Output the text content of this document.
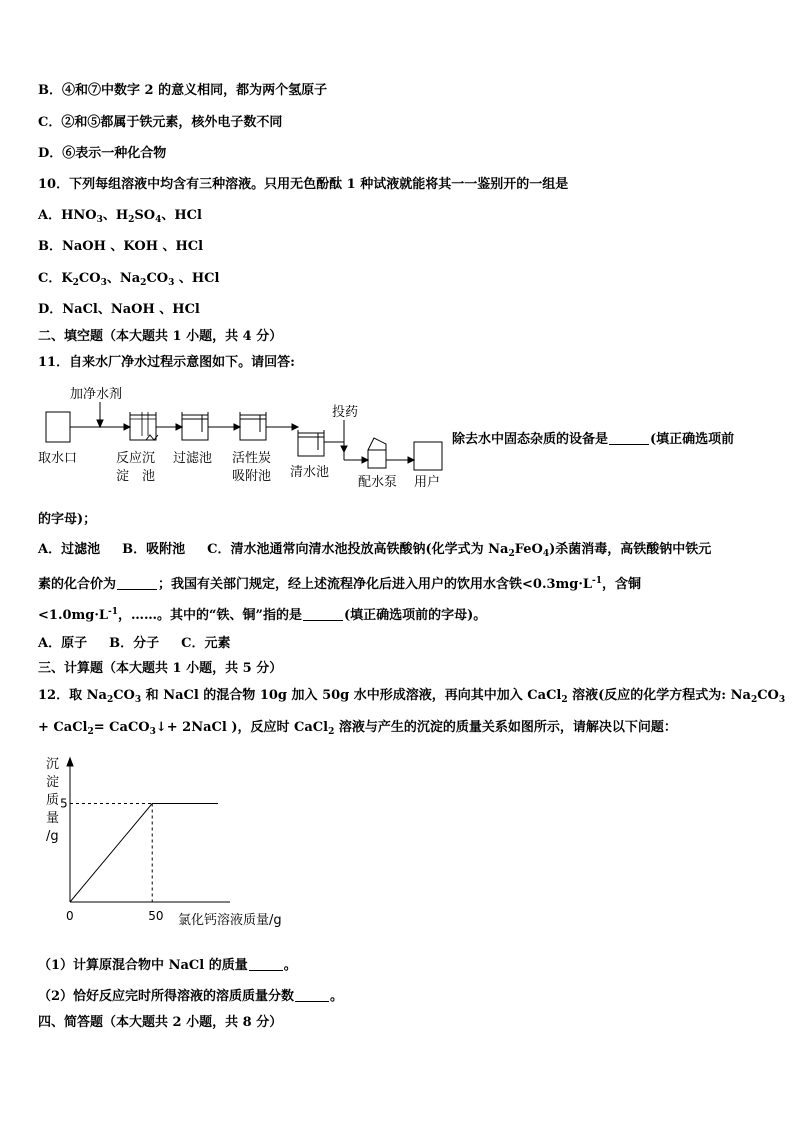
B．④和⑦中数字 2 的意义相同，都为两个氢原子
C．②和⑤都属于铁元素，核外电子数不同
D．⑥表示一种化合物
10．下列每组溶液中均含有三种溶液。只用无色酚酞 1 种试液就能将其一一鉴别开的一组是
A．$HNO_3$、$H_2SO_4$、HCl
B．NaOH 、KOH 、HCl
C．$K_2CO_3$、$Na_2CO_3$ 、HCl
D．NaCl、NaOH 、HCl
二、填空题（本大题共 1 小题，共 4 分）
11．自来水厂净水过程示意图如下。请回答:
加净水剂
投药
取水口	反应沉
淀　池
过滤池 活性炭
吸附池 清水池
配水泵 用户
除去水中固态杂质的设备是	(填正确选项前
的字母)；
A．过滤池 B．吸附池 C．清水池通常向清水池投放高铁酸钠(化学式为 $Na_2FeO_4$)杀菌消毒，高铁酸钠中铁元
素的化合价为	；我国有关部门规定，经上述流程净化后进入用户的饮用水含铁$<0.3mg\cdot L^{-1}$，含铜
$<1.0mg\cdot L^{-1}$，……。其中的“铁、铜”指的是	(填正确选项前的字母)。
A．原子 B．分子 C．元素
三、计算题（本大题共 1 小题，共 5 分）
12．取 $Na_2CO_3$ 和 NaCl 的混合物 10g 加入 50g 水中形成溶液，再向其中加入 CaCl$_2$ 溶液(反应的化学方程式为: $Na_2CO_3$
+ CaCl$_2$= CaCO$_3$↓+ 2NaCl )，反应时 CaCl$_2$ 溶液与产生的沉淀的质量关系如图所示，请解决以下问题：
沉
淀
质
量
/g
0	50
5
氯化钙溶液质量/g
（1）计算原混合物中 NaCl 的质量	。
（2）恰好反应完时所得溶液的溶质质量分数	。
四、简答题（本大题共 2 小题，共 8 分）
